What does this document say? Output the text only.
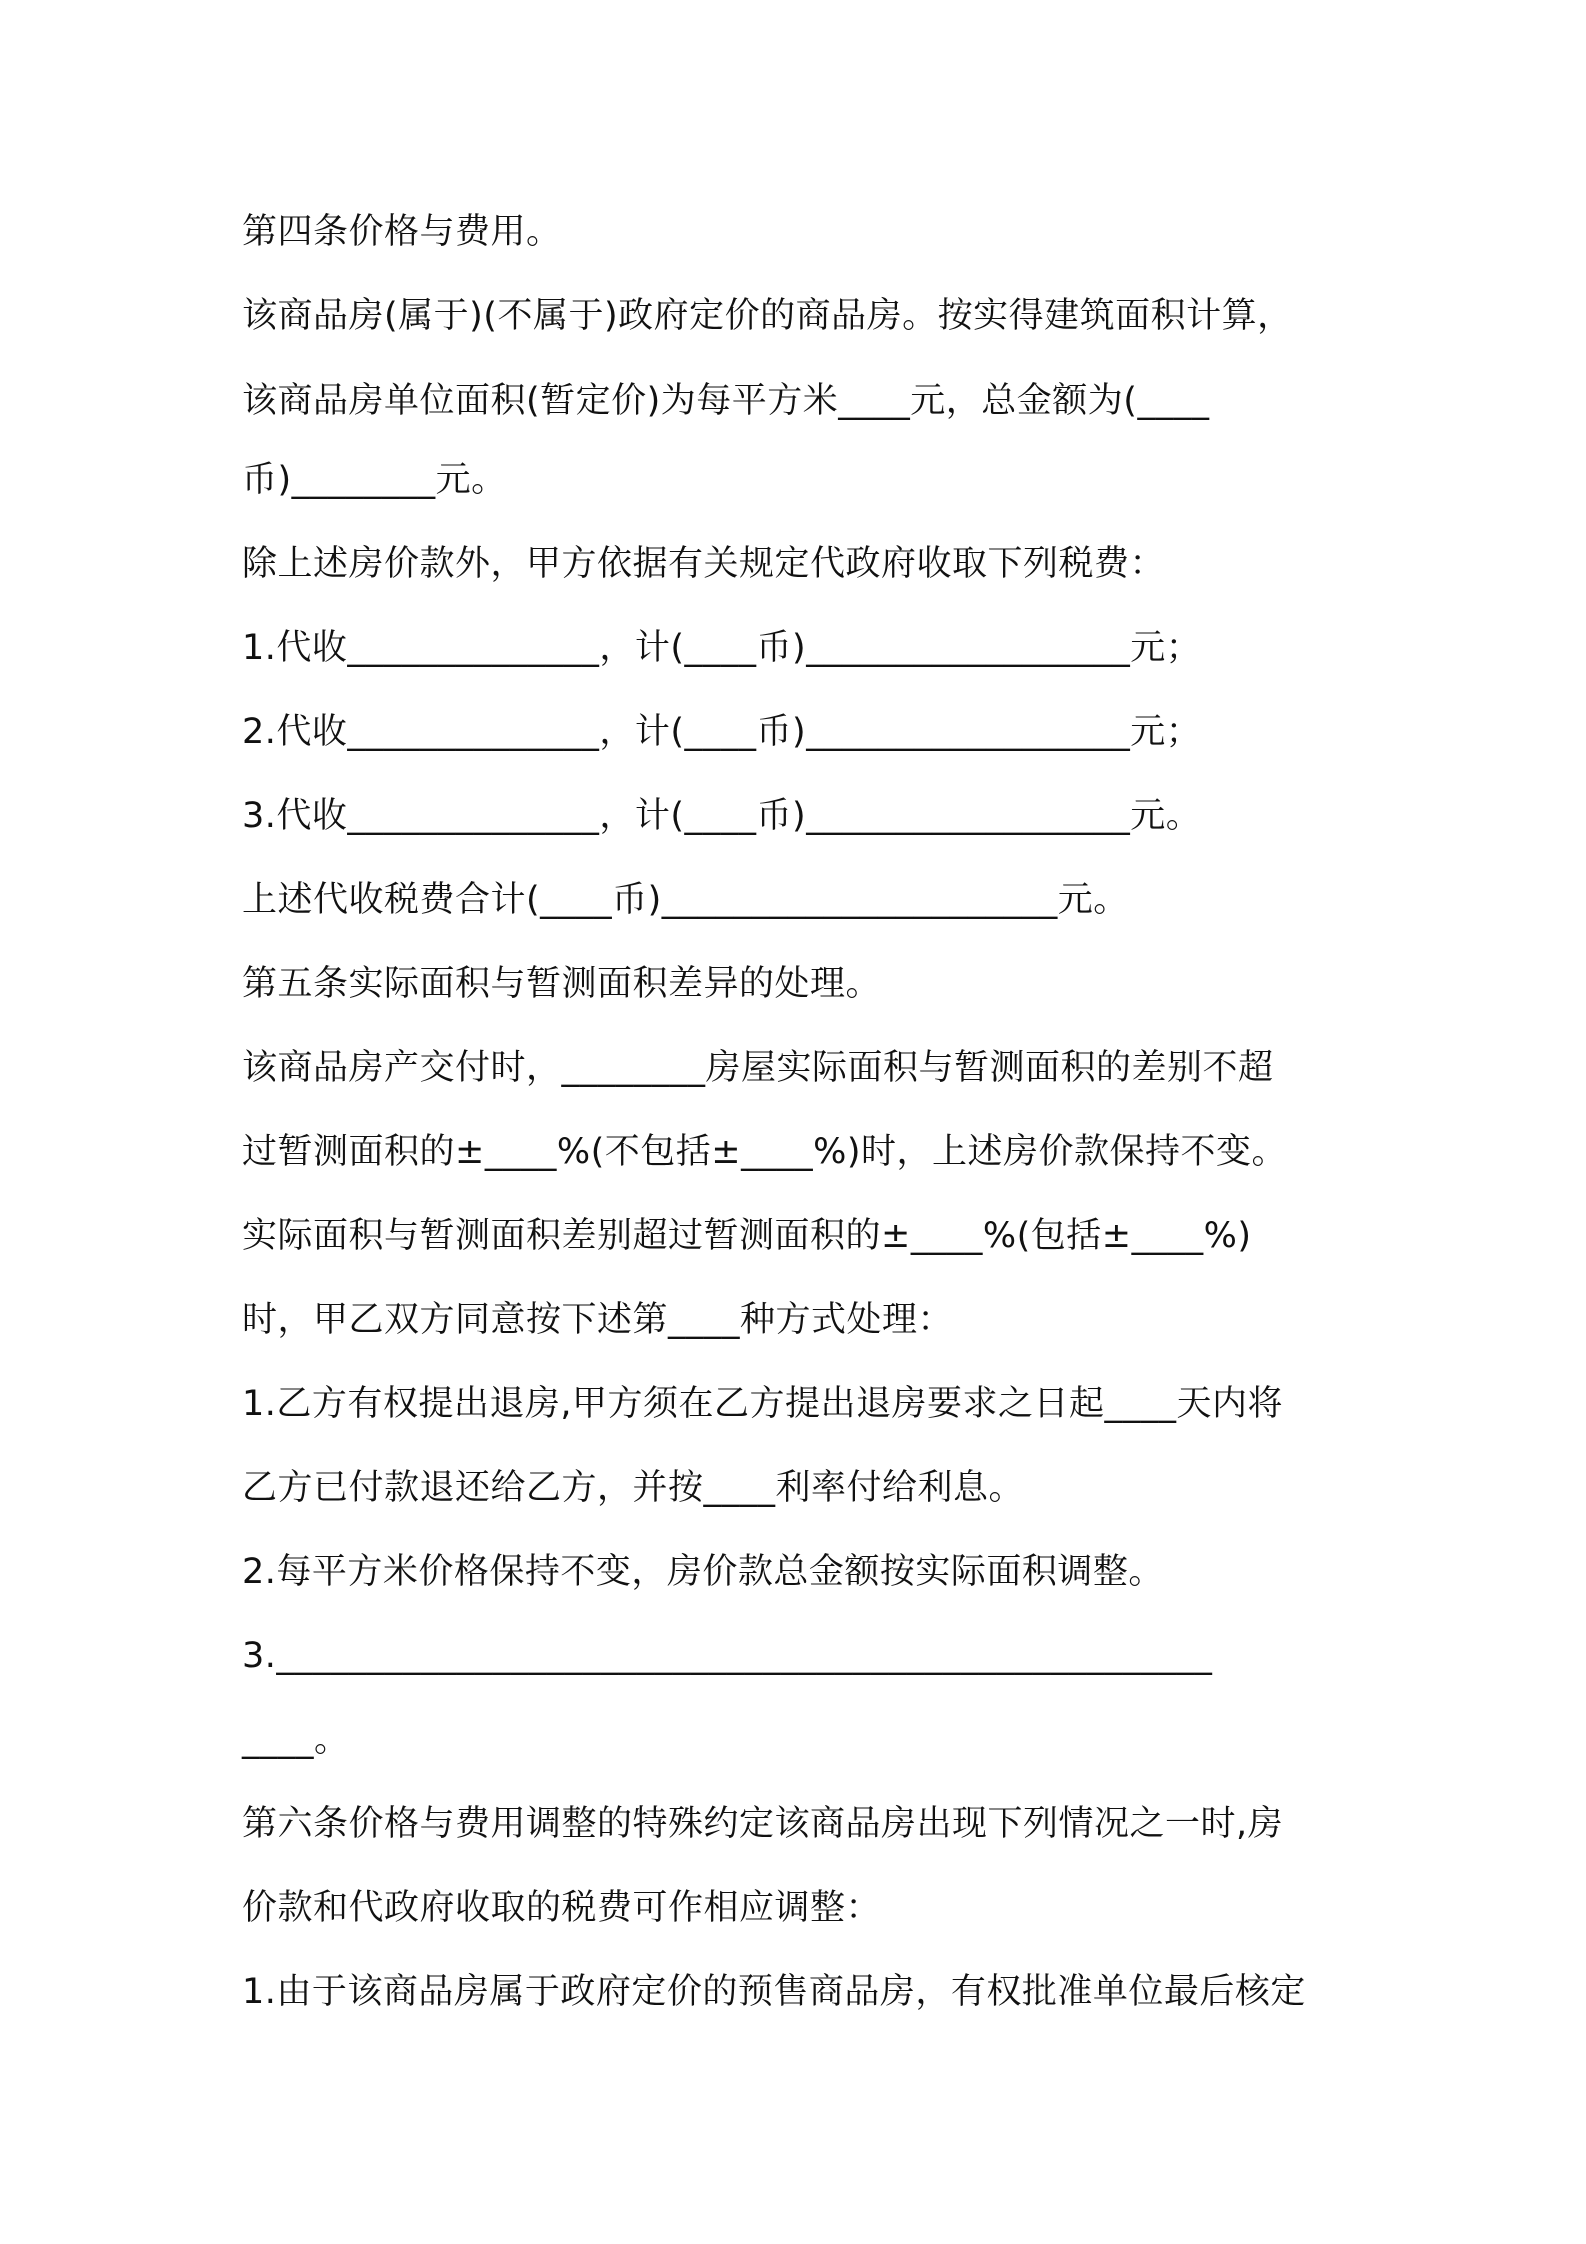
第四条价格与费用。

该商品房(属于)(不属于)政府定价的商品房。按实得建筑面积计算，

该商品房单位面积(暂定价)为每平方米____元，总金额为(____

币)________元。

除上述房价款外，甲方依据有关规定代政府收取下列税费：

1.代收______________，计(____币)__________________元；

2.代收______________，计(____币)__________________元；

3.代收______________，计(____币)__________________元。

上述代收税费合计(____币)______________________元。

第五条实际面积与暂测面积差异的处理。

该商品房产交付时，________房屋实际面积与暂测面积的差别不超

过暂测面积的±____%(不包括±____%)时，上述房价款保持不变。

实际面积与暂测面积差别超过暂测面积的±____%(包括±____%)

时，甲乙双方同意按下述第____种方式处理：

1.乙方有权提出退房,甲方须在乙方提出退房要求之日起____天内将

乙方已付款退还给乙方，并按____利率付给利息。

2.每平方米价格保持不变，房价款总金额按实际面积调整。

3.____________________________________________________

____。

第六条价格与费用调整的特殊约定该商品房出现下列情况之一时,房

价款和代政府收取的税费可作相应调整：

1.由于该商品房属于政府定价的预售商品房，有权批准单位最后核定
